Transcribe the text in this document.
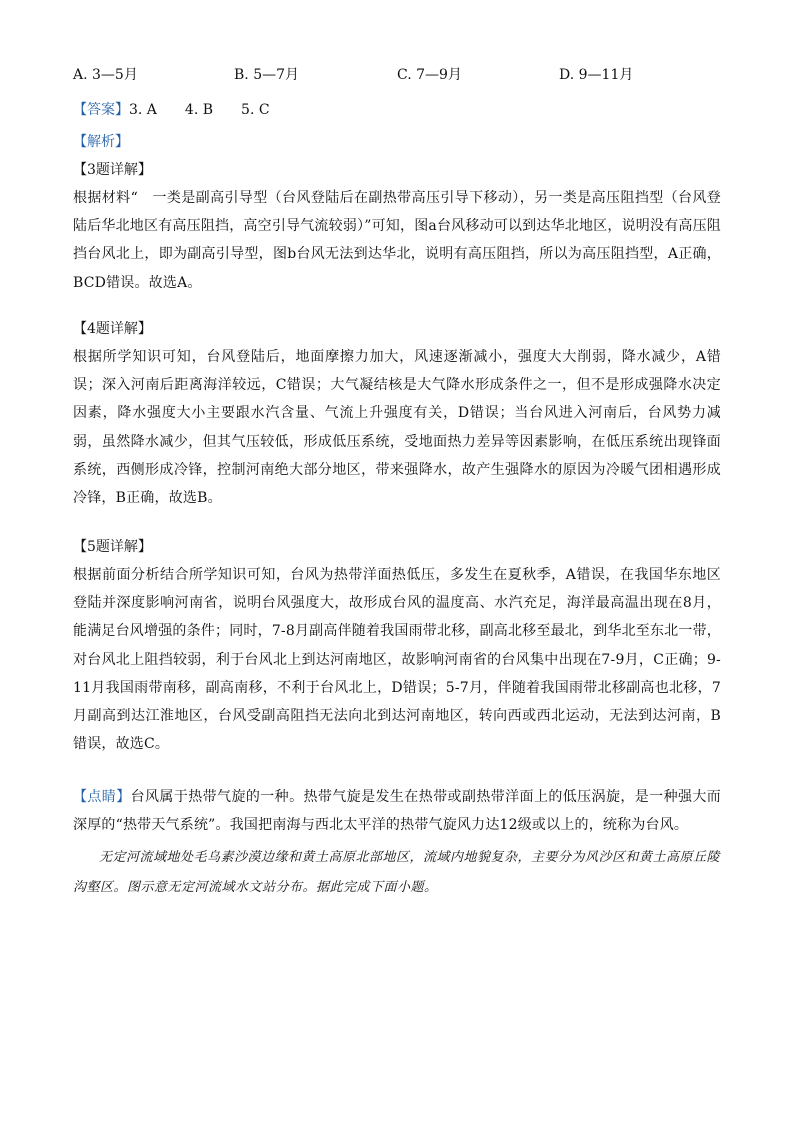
A. 3—5月	B. 5—7月	C. 7—9月	D. 9—11月
【答案】3. A 4. B 5. C
【解析】
【3题详解】
根据材料“　一类是副高引导型（台风登陆后在副热带高压引导下移动），另一类是高压阻挡型（台风登陆后华北地区有高压阻挡，高空引导气流较弱）”可知，图a台风移动可以到达华北地区，说明没有高压阻挡台风北上，即为副高引导型，图b台风无法到达华北，说明有高压阻挡，所以为高压阻挡型，A正确，BCD错误。故选A。
【4题详解】
根据所学知识可知，台风登陆后，地面摩擦力加大，风速逐渐减小，强度大大削弱，降水减少，A错误；深入河南后距离海洋较远，C错误；大气凝结核是大气降水形成条件之一，但不是形成强降水决定因素，降水强度大小主要跟水汽含量、气流上升强度有关，D错误；当台风进入河南后，台风势力减弱，虽然降水减少，但其气压较低，形成低压系统，受地面热力差异等因素影响，在低压系统出现锋面系统，西侧形成冷锋，控制河南绝大部分地区，带来强降水，故产生强降水的原因为冷暖气团相遇形成冷锋，B正确，故选B。
【5题详解】
根据前面分析结合所学知识可知，台风为热带洋面热低压，多发生在夏秋季，A错误，在我国华东地区登陆并深度影响河南省，说明台风强度大，故形成台风的温度高、水汽充足，海洋最高温出现在8月，能满足台风增强的条件；同时，7-8月副高伴随着我国雨带北移，副高北移至最北，到华北至东北一带，对台风北上阻挡较弱，利于台风北上到达河南地区，故影响河南省的台风集中出现在7-9月，C正确；9-11月我国雨带南移，副高南移，不利于台风北上，D错误；5-7月，伴随着我国雨带北移副高也北移，7月副高到达江淮地区，台风受副高阻挡无法向北到达河南地区，转向西或西北运动，无法到达河南，B错误，故选C。
【点睛】台风属于热带气旋的一种。热带气旋是发生在热带或副热带洋面上的低压涡旋，是一种强大而深厚的“热带天气系统”。我国把南海与西北太平洋的热带气旋风力达12级或以上的，统称为台风。
无定河流域地处毛乌素沙漠边缘和黄土高原北部地区，流域内地貌复杂，主要分为风沙区和黄土高原丘陵沟壑区。图示意无定河流域水文站分布。据此完成下面小题。
